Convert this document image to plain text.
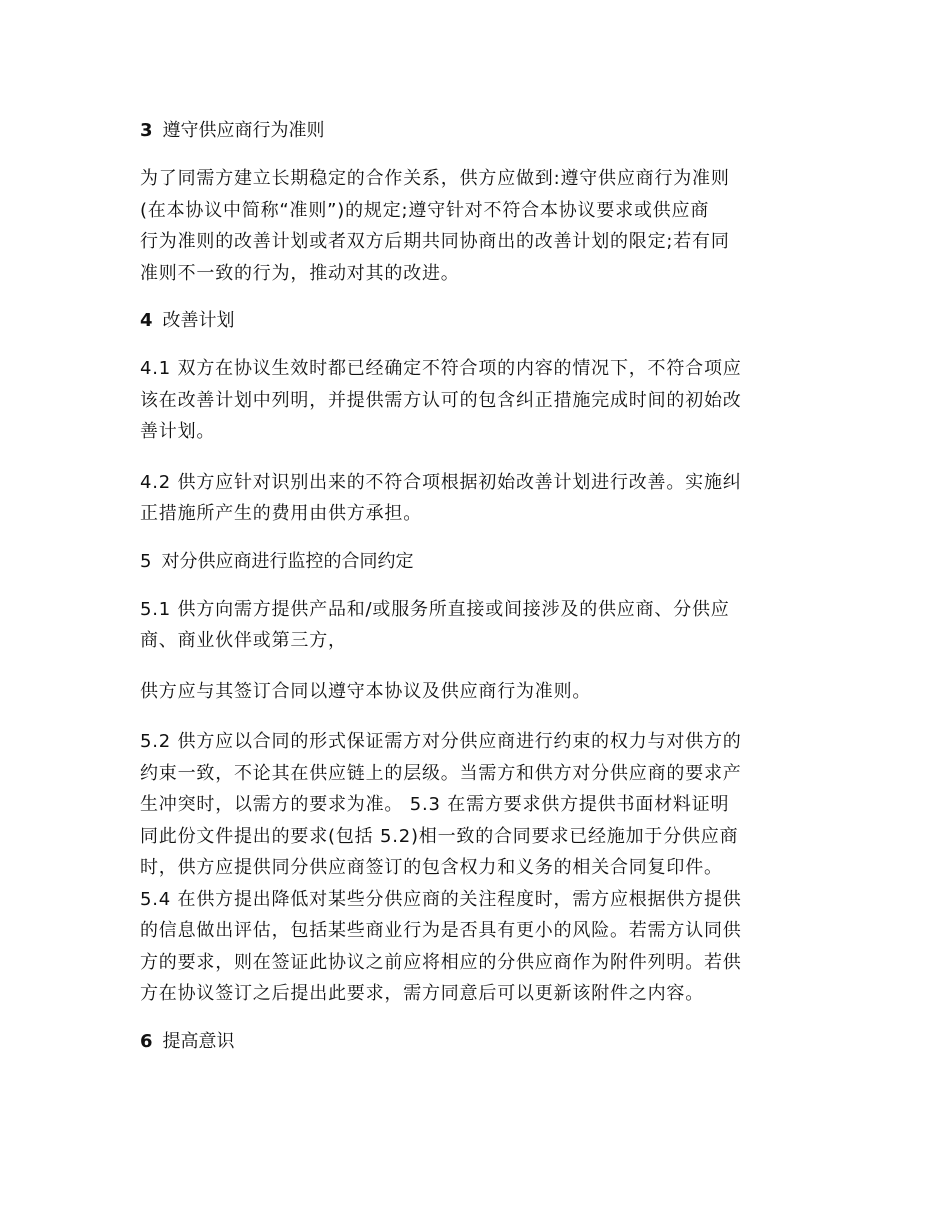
3 遵守供应商行为准则
为了同需方建立长期稳定的合作关系，供方应做到:遵守供应商行为准则
(在本协议中简称“准则”)的规定;遵守针对不符合本协议要求或供应商
行为准则的改善计划或者双方后期共同协商出的改善计划的限定;若有同
准则不一致的行为，推动对其的改进。
4 改善计划
4.1 双方在协议生效时都已经确定不符合项的内容的情况下，不符合项应
该在改善计划中列明，并提供需方认可的包含纠正措施完成时间的初始改
善计划。
4.2 供方应针对识别出来的不符合项根据初始改善计划进行改善。实施纠
正措施所产生的费用由供方承担。
5 对分供应商进行监控的合同约定
5.1 供方向需方提供产品和/或服务所直接或间接涉及的供应商、分供应
商、商业伙伴或第三方，
供方应与其签订合同以遵守本协议及供应商行为准则。
5.2 供方应以合同的形式保证需方对分供应商进行约束的权力与对供方的
约束一致，不论其在供应链上的层级。当需方和供方对分供应商的要求产
生冲突时，以需方的要求为准。 5.3 在需方要求供方提供书面材料证明
同此份文件提出的要求(包括 5.2)相一致的合同要求已经施加于分供应商
时，供方应提供同分供应商签订的包含权力和义务的相关合同复印件。
5.4 在供方提出降低对某些分供应商的关注程度时，需方应根据供方提供
的信息做出评估，包括某些商业行为是否具有更小的风险。若需方认同供
方的要求，则在签证此协议之前应将相应的分供应商作为附件列明。若供
方在协议签订之后提出此要求，需方同意后可以更新该附件之内容。
6 提高意识
